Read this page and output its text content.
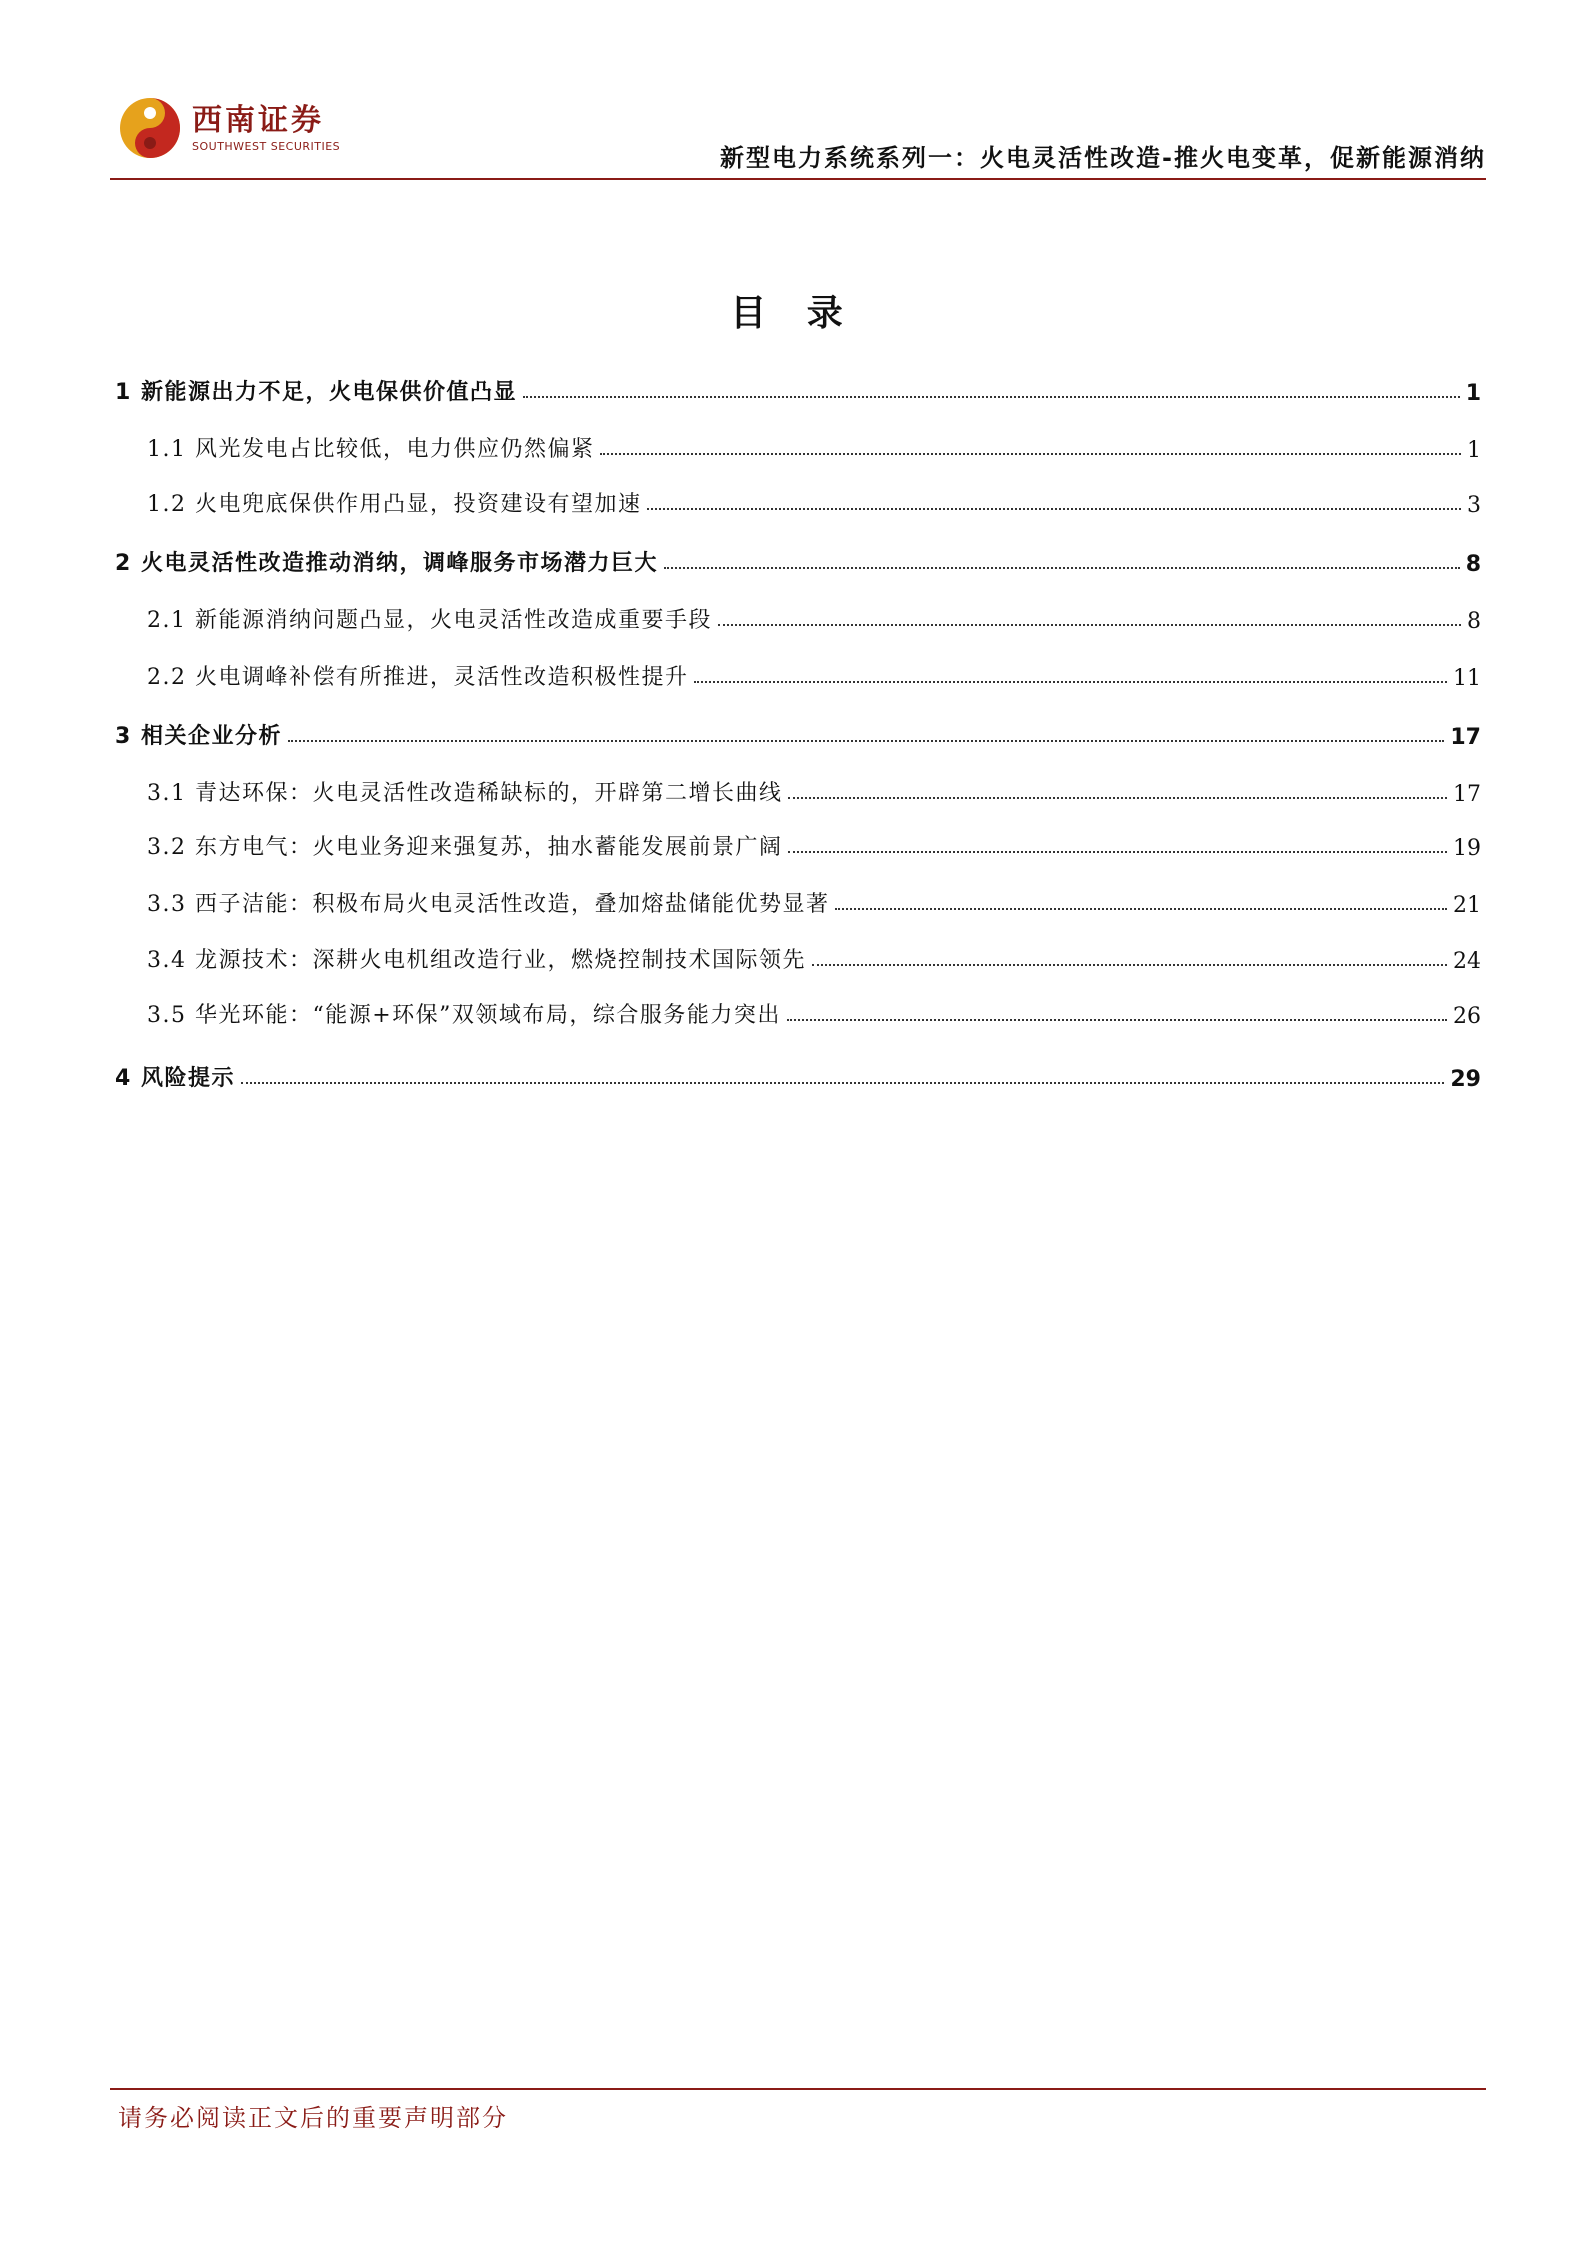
西南证券
SOUTHWEST SECURITIES	新型电力系统系列一：火电灵活性改造-推火电变革，促新能源消纳
目 录
1 新能源出力不足，火电保供价值凸显	1
1.1 风光发电占比较低，电力供应仍然偏紧	1
1.2 火电兜底保供作用凸显，投资建设有望加速	3
2 火电灵活性改造推动消纳，调峰服务市场潜力巨大	8
2.1 新能源消纳问题凸显，火电灵活性改造成重要手段	8
2.2 火电调峰补偿有所推进，灵活性改造积极性提升	11
3 相关企业分析	17
3.1 青达环保：火电灵活性改造稀缺标的，开辟第二增长曲线	17
3.2 东方电气：火电业务迎来强复苏，抽水蓄能发展前景广阔	19
3.3 西子洁能：积极布局火电灵活性改造，叠加熔盐储能优势显著	21
3.4 龙源技术：深耕火电机组改造行业，燃烧控制技术国际领先	24
3.5 华光环能：“能源+环保”双领域布局，综合服务能力突出	26
4 风险提示	29
请务必阅读正文后的重要声明部分
